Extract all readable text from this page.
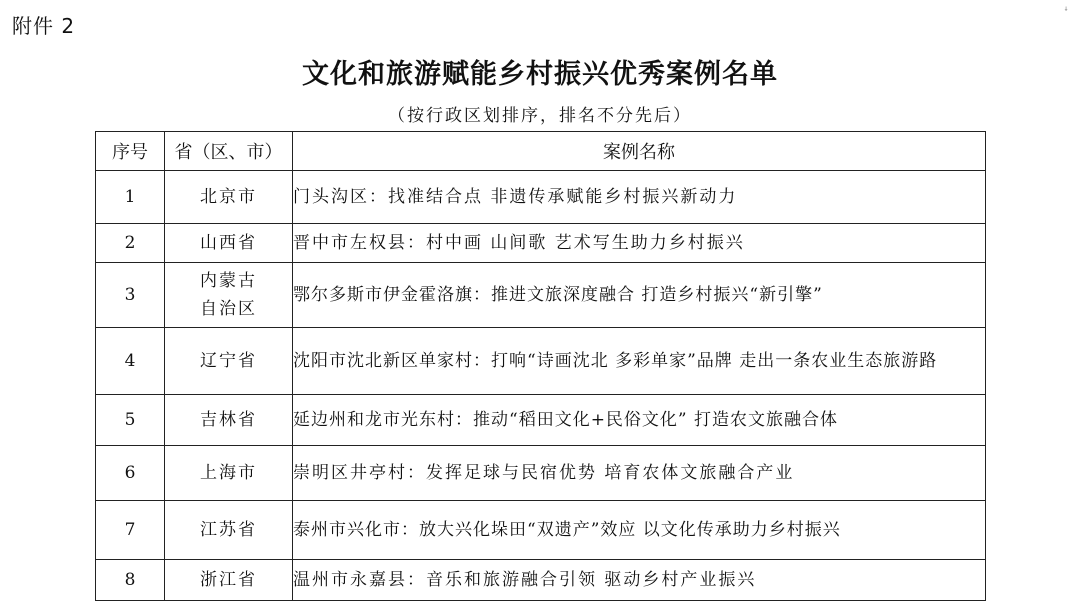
附件 2
ꜜ
文化和旅游赋能乡村振兴优秀案例名单
（按行政区划排序，排名不分先后）
序号	省（区、市）	案例名称
1	北京市	门头沟区：找准结合点 非遗传承赋能乡村振兴新动力
2	山西省	晋中市左权县：村中画 山间歌 艺术写生助力乡村振兴
3	内蒙古自治区	鄂尔多斯市伊金霍洛旗：推进文旅深度融合 打造乡村振兴“新引擎”
4	辽宁省	沈阳市沈北新区单家村：打响“诗画沈北 多彩单家”品牌 走出一条农业生态旅游路
5	吉林省	延边州和龙市光东村：推动“稻田文化+民俗文化” 打造农文旅融合体
6	上海市	崇明区井亭村：发挥足球与民宿优势 培育农体文旅融合产业
7	江苏省	泰州市兴化市：放大兴化垛田“双遗产”效应 以文化传承助力乡村振兴
8	浙江省	温州市永嘉县：音乐和旅游融合引领 驱动乡村产业振兴
